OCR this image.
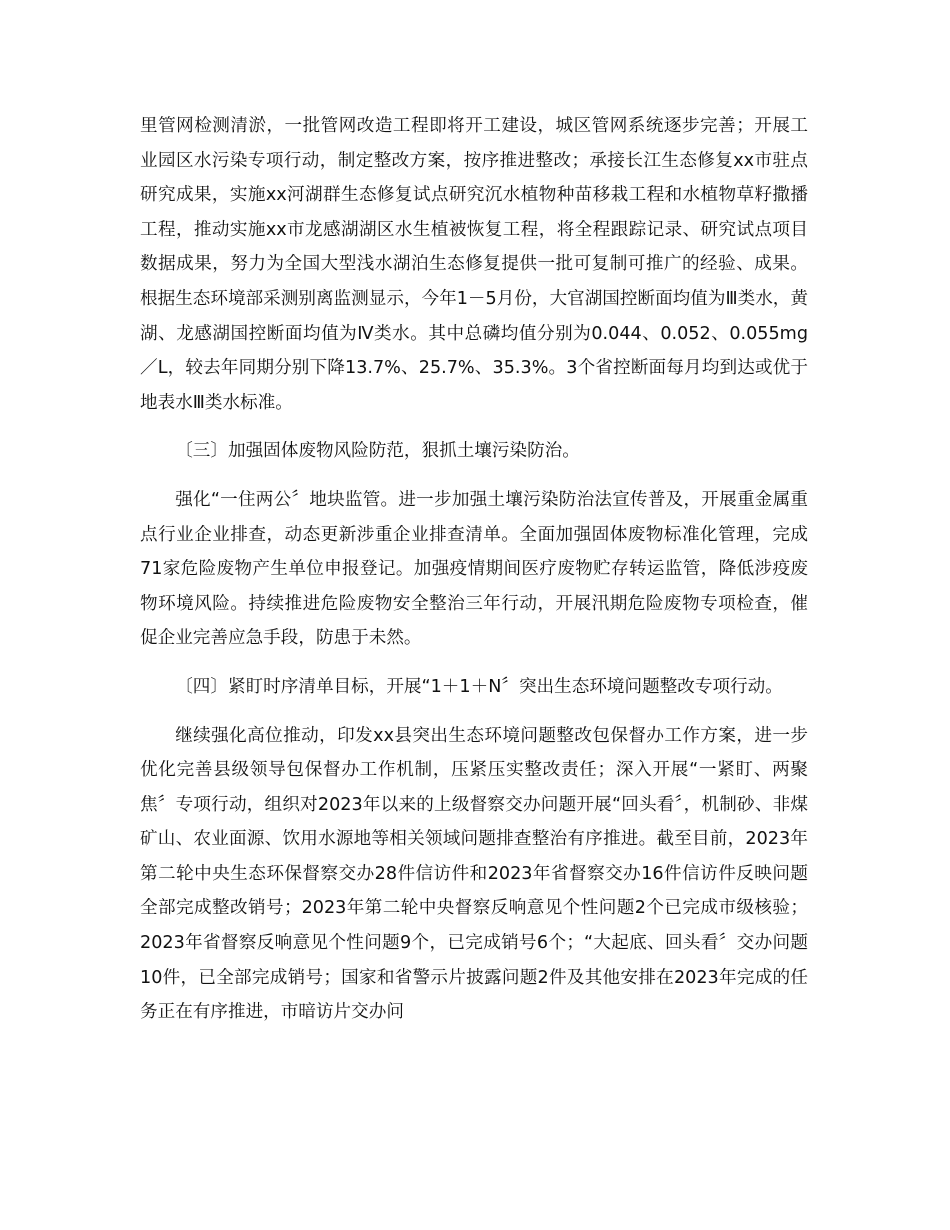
里管网检测清淤，一批管网改造工程即将开工建设，城区管网系统逐步完善；开展工业园区水污染专项行动，制定整改方案，按序推进整改；承接长江生态修复xx市驻点研究成果，实施xx河湖群生态修复试点研究沉水植物种苗移栽工程和水植物草籽撒播工程，推动实施xx市龙感湖湖区水生植被恢复工程，将全程跟踪记录、研究试点项目数据成果，努力为全国大型浅水湖泊生态修复提供一批可复制可推广的经验、成果。根据生态环境部采测别离监测显示，今年1－5月份，大官湖国控断面均值为Ⅲ类水，黄湖、龙感湖国控断面均值为Ⅳ类水。其中总磷均值分别为0.044、0.052、0.055mg／L，较去年同期分别下降13.7%、25.7%、35.3%。3个省控断面每月均到达或优于地表水Ⅲ类水标准。

〔三〕加强固体废物风险防范，狠抓土壤污染防治。

强化“一住两公〞地块监管。进一步加强土壤污染防治法宣传普及，开展重金属重点行业企业排查，动态更新涉重企业排查清单。全面加强固体废物标准化管理，完成71家危险废物产生单位申报登记。加强疫情期间医疗废物贮存转运监管，降低涉疫废物环境风险。持续推进危险废物安全整治三年行动，开展汛期危险废物专项检查，催促企业完善应急手段，防患于未然。

〔四〕紧盯时序清单目标，开展“1＋1＋N〞突出生态环境问题整改专项行动。

继续强化高位推动，印发xx县突出生态环境问题整改包保督办工作方案，进一步优化完善县级领导包保督办工作机制，压紧压实整改责任；深入开展“一紧盯、两聚焦〞专项行动，组织对2023年以来的上级督察交办问题开展“回头看〞，机制砂、非煤矿山、农业面源、饮用水源地等相关领域问题排查整治有序推进。截至目前，2023年第二轮中央生态环保督察交办28件信访件和2023年省督察交办16件信访件反映问题全部完成整改销号；2023年第二轮中央督察反响意见个性问题2个已完成市级核验；2023年省督察反响意见个性问题9个，已完成销号6个；“大起底、回头看〞交办问题10件，已全部完成销号；国家和省警示片披露问题2件及其他安排在2023年完成的任务正在有序推进，市暗访片交办问
